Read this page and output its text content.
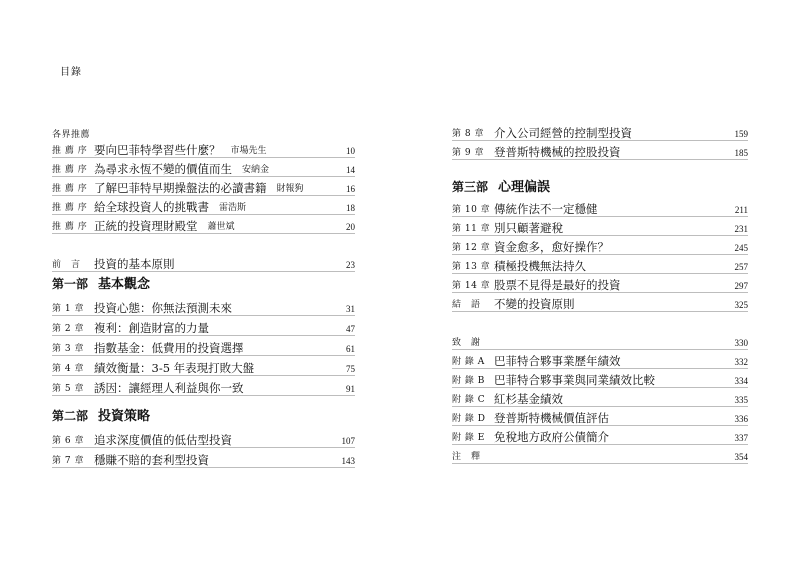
目錄
各界推薦
推 薦 序 要向巴菲特學習些什麼？ 市場先生	10
推 薦 序 為尋求永恆不變的價值而生 安納金	14
推 薦 序 了解巴菲特早期操盤法的必讀書籍 財報狗	16
推 薦 序 給全球投資人的挑戰書 雷浩斯	18
推 薦 序 正統的投資理財殿堂 蕭世斌	20
前　言	投資的基本原則	23
第一部 基本觀念
第 1 章 投資心態：你無法預測未來	31
第 2 章 複利：創造財富的力量	47
第 3 章 指數基金：低費用的投資選擇	61
第 4 章 績效衡量：3-5 年表現打敗大盤	75
第 5 章 誘因：讓經理人利益與你一致	91
第二部 投資策略
第 6 章 追求深度價值的低估型投資	107
第 7 章 穩賺不賠的套利型投資	143
第 8 章 介入公司經營的控制型投資	159
第 9 章 登普斯特機械的控股投資	185
第三部 心理偏誤
第 10 章 傳統作法不一定穩健	211
第 11 章 別只顧著避稅	231
第 12 章 資金愈多，愈好操作？	245
第 13 章 積極投機無法持久	257
第 14 章 股票不見得是最好的投資	297
結　語	不變的投資原則	325
致　謝	330
附 錄 A 巴菲特合夥事業歷年績效	332
附 錄 B 巴菲特合夥事業與同業績效比較	334
附 錄 C 紅杉基金績效	335
附 錄 D 登普斯特機械價值評估	336
附 錄 E 免稅地方政府公債簡介	337
注　釋	354
